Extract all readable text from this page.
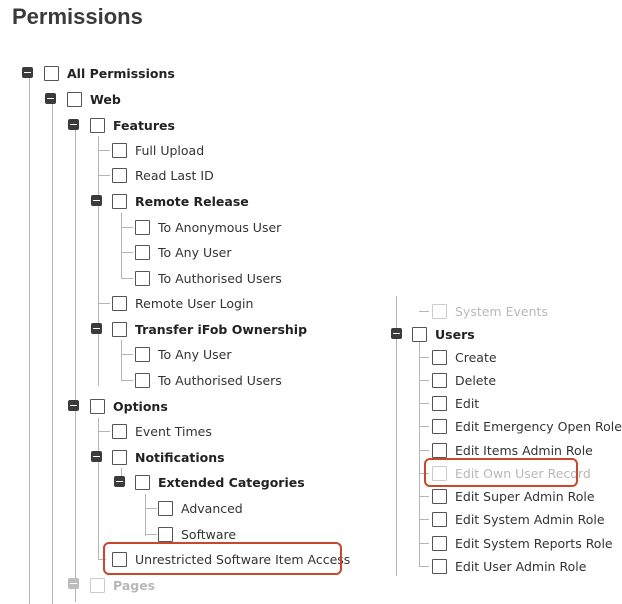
Permissions
All Permissions
Web
Features
Full Upload
Read Last ID
Remote Release
To Anonymous User
To Any User
To Authorised Users
Remote User Login
Transfer iFob Ownership
To Any User
To Authorised Users
Options
Event Times
Notifications
Extended Categories
Advanced
Software
Unrestricted Software Item Access
Pages
System Events
Users
Create
Delete
Edit
Edit Emergency Open Role
Edit Items Admin Role
Edit Own User Record
Edit Super Admin Role
Edit System Admin Role
Edit System Reports Role
Edit User Admin Role
